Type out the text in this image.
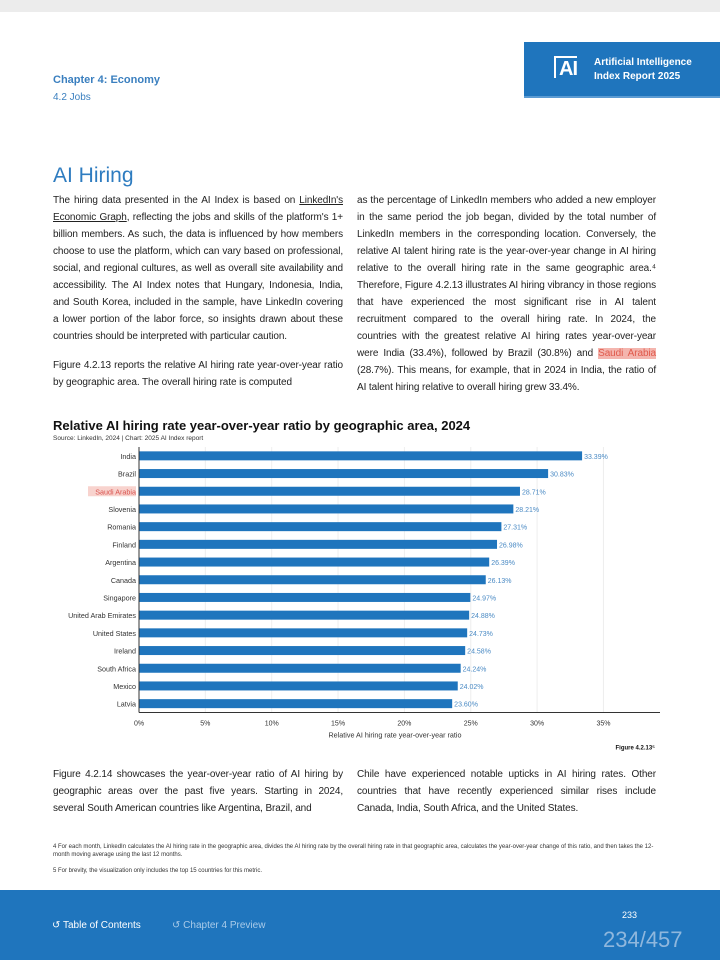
Chapter 4: Economy
4.2 Jobs
AI Artificial Intelligence
Index Report 2025
AI Hiring

The hiring data presented in the AI Index is based on LinkedIn's Economic Graph, reflecting the jobs and skills of the platform's 1+ billion members. As such, the data is influenced by how members choose to use the platform, which can vary based on professional, social, and regional cultures, as well as overall site availability and accessibility. The AI Index notes that Hungary, Indonesia, India, and South Korea, included in the sample, have LinkedIn covering a lower portion of the labor force, so insights drawn about these countries should be interpreted with particular caution.

Figure 4.2.13 reports the relative AI hiring rate year-over-year ratio by geographic area. The overall hiring rate is computed

as the percentage of LinkedIn members who added a new employer in the same period the job began, divided by the total number of LinkedIn members in the corresponding location. Conversely, the relative AI talent hiring rate is the year-over-year change in AI hiring relative to the overall hiring rate in the same geographic area.⁴ Therefore, Figure 4.2.13 illustrates AI hiring vibrancy in those regions that have experienced the most significant rise in AI talent recruitment compared to the overall hiring rate. In 2024, the countries with the greatest relative AI hiring rates year-over-year were India (33.4%), followed by Brazil (30.8%) and Saudi Arabia (28.7%). This means, for example, that in 2024 in India, the ratio of AI talent hiring relative to overall hiring grew 33.4%.

Relative AI hiring rate year-over-year ratio by geographic area, 2024
Source: LinkedIn, 2024 | Chart: 2025 AI Index report
0%	5%	10%	15%	20%	25%	30%	35%
India	33.39%
Brazil	30.83%
Saudi Arabia	28.71%
Slovenia	28.21%
Romania	27.31%
Finland	26.98%
Argentina	26.39%
Canada	26.13%
Singapore	24.97%
United Arab Emirates	24.88%
United States	24.73%
Ireland	24.58%
South Africa	24.24%
Mexico	24.02%
Latvia	23.60%
Relative AI hiring rate year-over-year ratio
Figure 4.2.13⁵
Figure 4.2.14 showcases the year-over-year ratio of AI hiring by geographic areas over the past five years. Starting in 2024, several South American countries like Argentina, Brazil, and
Chile have experienced notable upticks in AI hiring rates. Other countries that have recently experienced similar rises include Canada, India, South Africa, and the United States.
4 For each month, LinkedIn calculates the AI hiring rate in the geographic area, divides the AI hiring rate by the overall hiring rate in that geographic area, calculates the year-over-year change of this ratio, and then takes the 12-month moving average using the last 12 months.
5 For brevity, the visualization only includes the top 15 countries for this metric.
↺ Table of Contents	↺ Chapter 4 Preview
233
234/457
